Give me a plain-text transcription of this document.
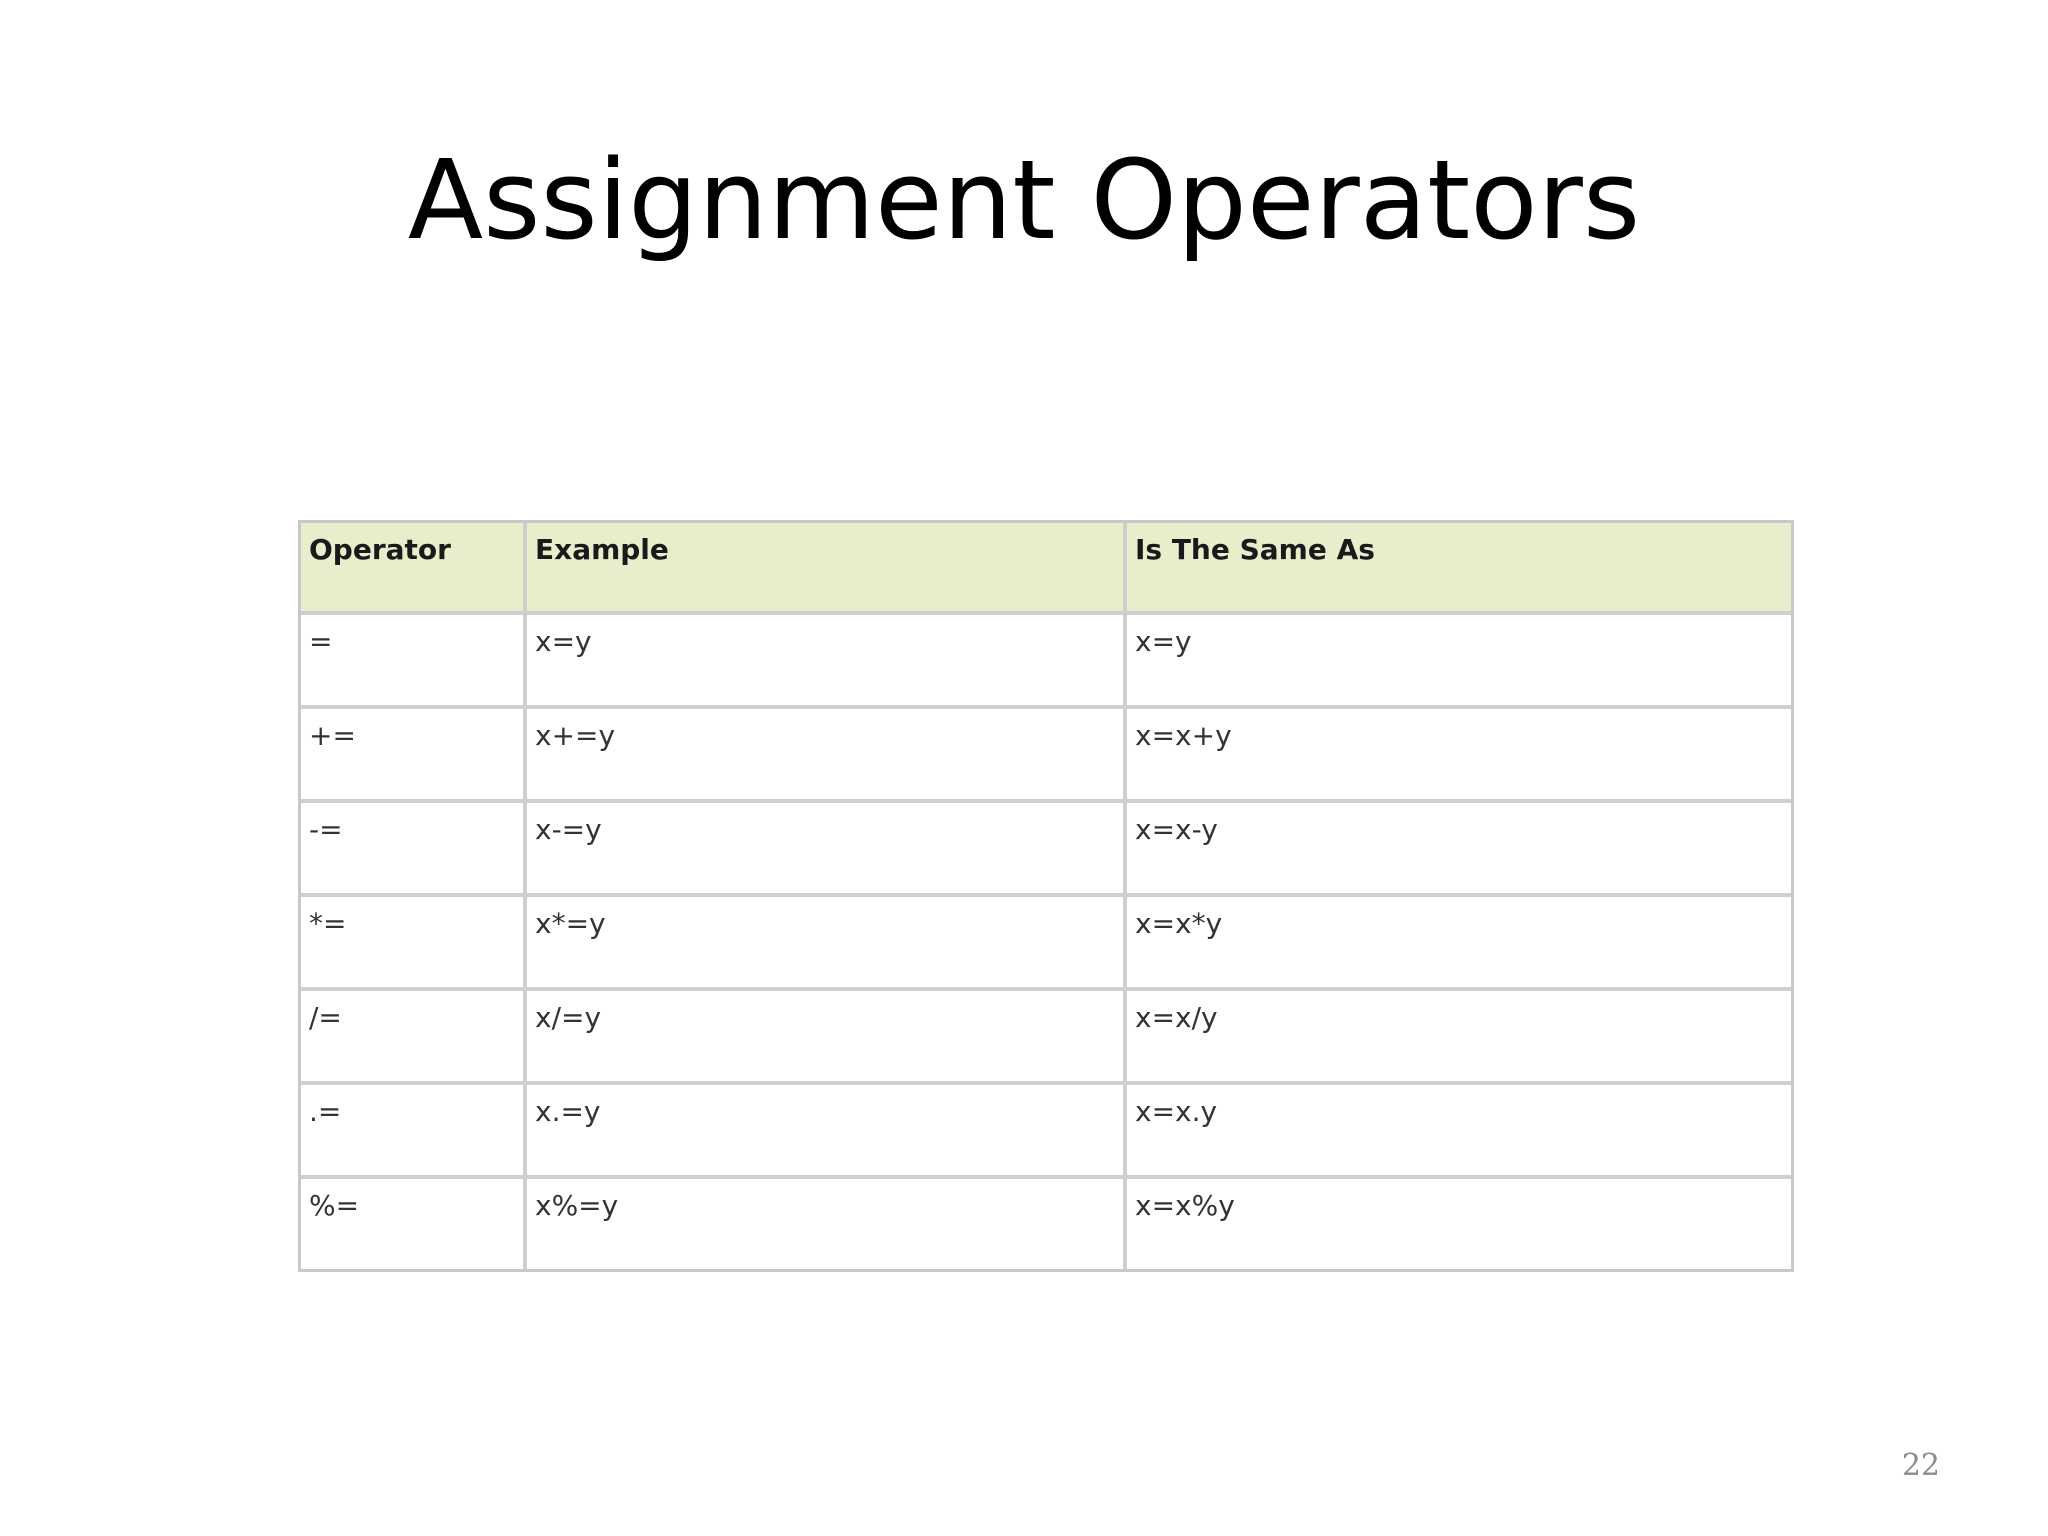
Assignment Operators
Operator	Example	Is The Same As
=	x=y	x=y
+=	x+=y	x=x+y
-=	x-=y	x=x-y
*=	x*=y	x=x*y
/=	x/=y	x=x/y
.=	x.=y	x=x.y
%=	x%=y	x=x%y
22
